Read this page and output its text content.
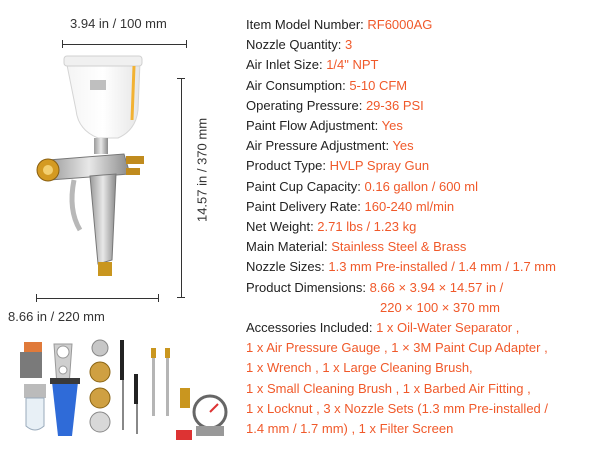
3.94 in / 100 mm
14.57 in / 370 mm
8.66 in / 220 mm
Item Model Number: RF6000AG
Nozzle Quantity: 3
Air Inlet Size: 1/4" NPT
Air Consumption: 5-10 CFM
Operating Pressure: 29-36 PSI
Paint Flow Adjustment: Yes
Air Pressure Adjustment: Yes
Product Type: HVLP Spray Gun
Paint Cup Capacity: 0.16 gallon / 600 ml
Paint Delivery Rate: 160-240 ml/min
Net Weight: 2.71 lbs / 1.23 kg
Main Material: Stainless Steel & Brass
Nozzle Sizes: 1.3 mm Pre-installed / 1.4 mm / 1.7 mm
Product Dimensions: 8.66 × 3.94 × 14.57 in /
220 × 100 × 370 mm
Accessories Included: 1 x Oil-Water Separator ,
1 x Air Pressure Gauge , 1 × 3M Paint Cup Adapter ,
1 x Wrench , 1 x Large Cleaning Brush,
1 x Small Cleaning Brush , 1 x Barbed Air Fitting ,
1 x Locknut , 3 x Nozzle Sets (1.3 mm Pre-installed /
1.4 mm / 1.7 mm) , 1 x Filter Screen
